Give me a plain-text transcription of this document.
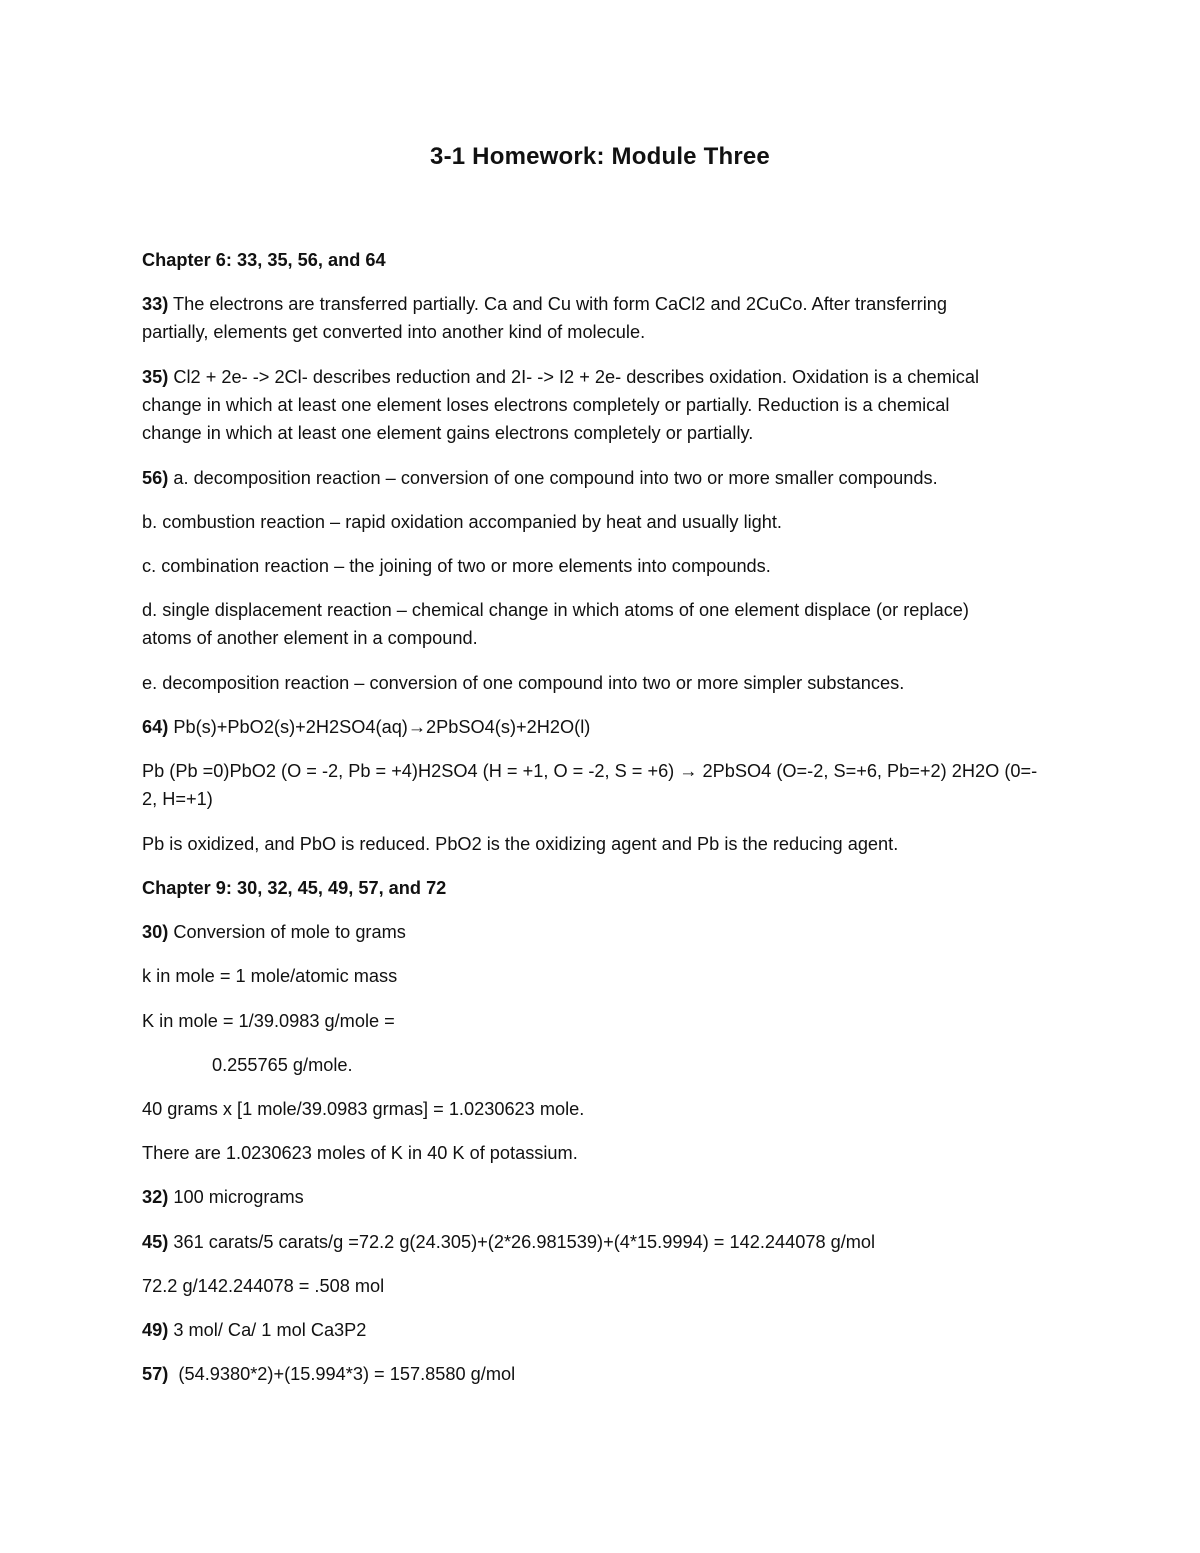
3-1 Homework: Module Three
Chapter 6: 33, 35, 56, and 64
33) The electrons are transferred partially. Ca and Cu with form CaCl2 and 2CuCo. After transferring
partially, elements get converted into another kind of molecule.
35) Cl2 + 2e- -> 2Cl- describes reduction and 2I- -> I2 + 2e- describes oxidation. Oxidation is a chemical
change in which at least one element loses electrons completely or partially. Reduction is a chemical
change in which at least one element gains electrons completely or partially.
56) a. decomposition reaction – conversion of one compound into two or more smaller compounds.
b. combustion reaction – rapid oxidation accompanied by heat and usually light.
c. combination reaction – the joining of two or more elements into compounds.
d. single displacement reaction – chemical change in which atoms of one element displace (or replace)
atoms of another element in a compound.
e. decomposition reaction – conversion of one compound into two or more simpler substances.
64) Pb(s)+PbO2(s)+2H2SO4(aq)→2PbSO4(s)+2H2O(l)
Pb (Pb =0)PbO2 (O = -2, Pb = +4)H2SO4 (H = +1, O = -2, S = +6) → 2PbSO4 (O=-2, S=+6, Pb=+2) 2H2O (0=-
2, H=+1)
Pb is oxidized, and PbO is reduced. PbO2 is the oxidizing agent and Pb is the reducing agent.
Chapter 9: 30, 32, 45, 49, 57, and 72
30) Conversion of mole to grams
k in mole = 1 mole/atomic mass
K in mole = 1/39.0983 g/mole =
0.255765 g/mole.
40 grams x [1 mole/39.0983 grmas] = 1.0230623 mole.
There are 1.0230623 moles of K in 40 K of potassium.
32) 100 micrograms
45) 361 carats/5 carats/g =72.2 g(24.305)+(2*26.981539)+(4*15.9994) = 142.244078 g/mol
72.2 g/142.244078 = .508 mol
49) 3 mol/ Ca/ 1 mol Ca3P2
57)  (54.9380*2)+(15.994*3) = 157.8580 g/mol
